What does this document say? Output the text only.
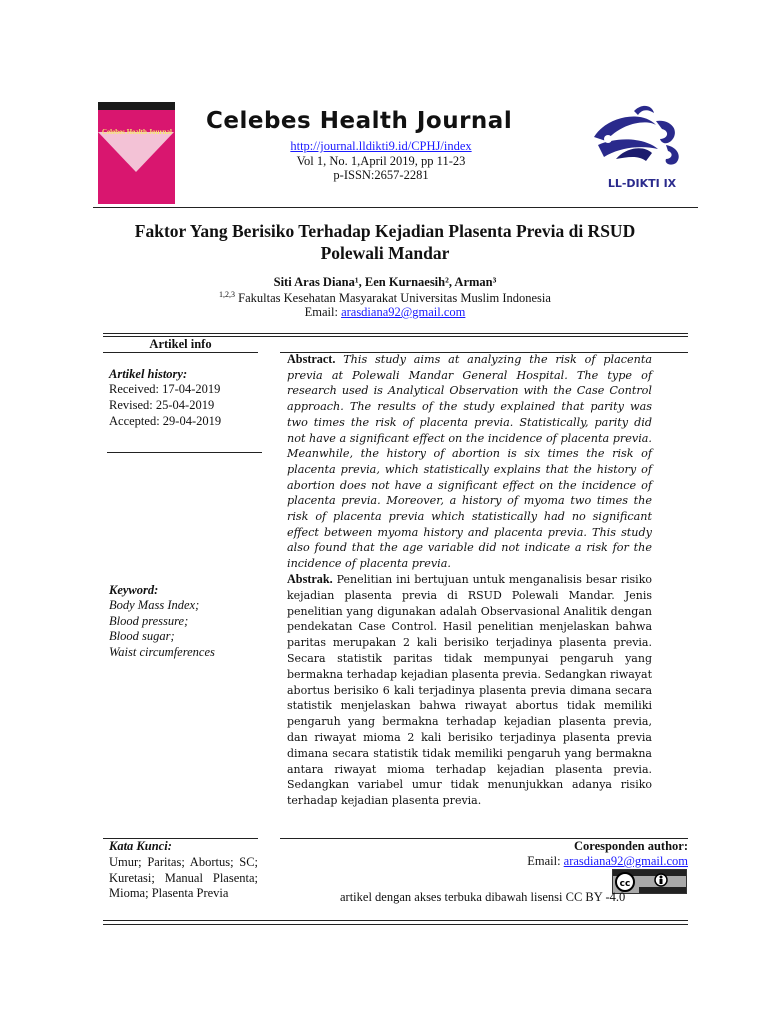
Celebes Health Journal
Celebes Health Journal
http://journal.lldikti9.id/CPHJ/index
Vol 1, No. 1,April 2019, pp 11-23
p-ISSN:2657-2281
LL-DIKTI IX
Faktor Yang Berisiko Terhadap Kejadian Plasenta Previa di RSUD Polewali Mandar
Siti Aras Diana¹, Een Kurnaesih², Arman³
$^{1,2,3}$ Fakultas Kesehatan Masyarakat Universitas Muslim Indonesia
Email: arasdiana92@gmail.com
Artikel info
Artikel history:
Received: 17-04-2019
Revised: 25-04-2019
Accepted: 29-04-2019
Keyword:
Body Mass Index;
Blood pressure;
Blood sugar;
Waist circumferences
Kata Kunci:
Umur; Paritas; Abortus; SC; Kuretasi; Manual Plasenta; Mioma; Plasenta Previa
Abstract. This study aims at analyzing the risk of placenta previa at Polewali Mandar General Hospital. The type of research used is Analytical Observation with the Case Control approach. The results of the study explained that parity was two times the risk of placenta previa. Statistically, parity did not have a significant effect on the incidence of placenta previa. Meanwhile, the history of abortion is six times the risk of placenta previa, which statistically explains that the history of abortion does not have a significant effect on the incidence of placenta previa. Moreover, a history of myoma two times the risk of placenta previa which statistically had no significant effect between myoma history and placenta previa. This study also found that the age variable did not indicate a risk for the incidence of placenta previa.
Abstrak. Penelitian ini bertujuan untuk menganalisis besar risiko kejadian plasenta previa di RSUD Polewali Mandar. Jenis penelitian yang digunakan adalah Observasional Analitik dengan pendekatan Case Control. Hasil penelitian menjelaskan bahwa paritas merupakan 2 kali berisiko terjadinya plasenta previa. Secara statistik paritas tidak mempunyai pengaruh yang bermakna terhadap kejadian plasenta previa. Sedangkan riwayat abortus berisiko 6 kali terjadinya plasenta previa dimana secara statistik menjelaskan bahwa riwayat abortus tidak memiliki pengaruh yang bermakna terhadap kejadian plasenta previa, dan riwayat mioma 2 kali berisiko terjadinya plasenta previa dimana secara statistik tidak memiliki pengaruh yang bermakna antara riwayat mioma terhadap kejadian plasenta previa. Sedangkan variabel umur tidak menunjukkan adanya risiko terhadap kejadian plasenta previa.
Coresponden author:
Email: arasdiana92@gmail.com
cc
artikel dengan akses terbuka dibawah lisensi CC BY -4.0
